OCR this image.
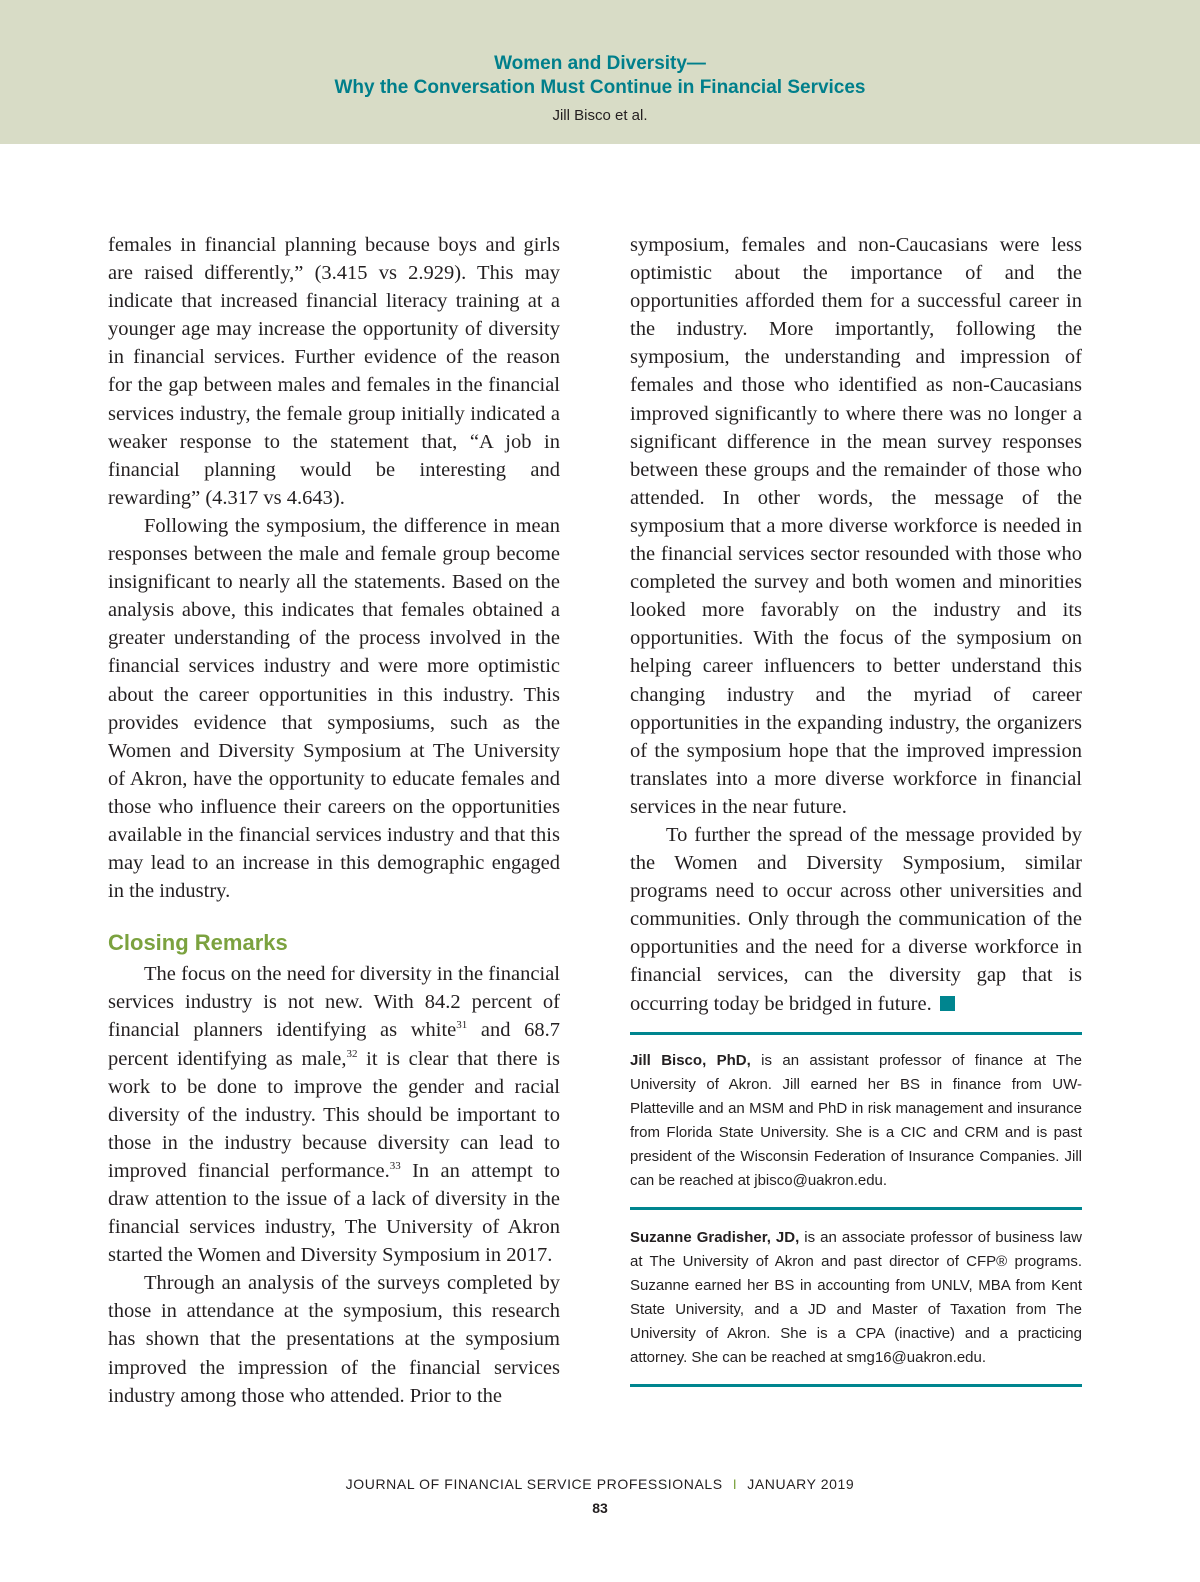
Women and Diversity—
Why the Conversation Must Continue in Financial Services
Jill Bisco et al.

females in financial planning because boys and girls are raised differently,” (3.415 vs 2.929). This may indicate that increased financial literacy training at a younger age may increase the opportunity of diversity in financial services. Further evidence of the reason for the gap between males and females in the financial services industry, the female group initially indicated a weaker response to the statement that, “A job in financial planning would be interesting and rewarding” (4.317 vs 4.643).

Following the symposium, the difference in mean responses between the male and female group become insignificant to nearly all the statements. Based on the analysis above, this indicates that females obtained a greater understanding of the process involved in the financial services industry and were more optimistic about the career opportunities in this industry. This provides evidence that symposiums, such as the Women and Diversity Symposium at The University of Akron, have the opportunity to educate females and those who influence their careers on the opportunities available in the financial services industry and that this may lead to an increase in this demographic engaged in the industry.

Closing Remarks

The focus on the need for diversity in the financial services industry is not new. With 84.2 percent of financial planners identifying as white$^{31}$ and 68.7 percent identifying as male,$^{32}$ it is clear that there is work to be done to improve the gender and racial diversity of the industry. This should be important to those in the industry because diversity can lead to improved financial performance.$^{33}$ In an attempt to draw attention to the issue of a lack of diversity in the financial services industry, The University of Akron started the Women and Diversity Symposium in 2017.

Through an analysis of the surveys completed by those in attendance at the symposium, this research has shown that the presentations at the symposium improved the impression of the financial services industry among those who attended. Prior to the

symposium, females and non-Caucasians were less optimistic about the importance of and the opportunities afforded them for a successful career in the industry. More importantly, following the symposium, the understanding and impression of females and those who identified as non-Caucasians improved significantly to where there was no longer a significant difference in the mean survey responses between these groups and the remainder of those who attended. In other words, the message of the symposium that a more diverse workforce is needed in the financial services sector resounded with those who completed the survey and both women and minorities looked more favorably on the industry and its opportunities. With the focus of the symposium on helping career influencers to better understand this changing industry and the myriad of career opportunities in the expanding industry, the organizers of the symposium hope that the improved impression translates into a more diverse workforce in financial services in the near future.

To further the spread of the message provided by the Women and Diversity Symposium, similar programs need to occur across other universities and communities. Only through the communication of the opportunities and the need for a diverse workforce in financial services, can the diversity gap that is occurring today be bridged in future.

Jill Bisco, PhD, is an assistant professor of finance at The University of Akron. Jill earned her BS in finance from UW-Platteville and an MSM and PhD in risk management and insurance from Florida State University. She is a CIC and CRM and is past president of the Wisconsin Federation of Insurance Companies. Jill can be reached at jbisco@uakron.edu.

Suzanne Gradisher, JD, is an associate professor of business law at The University of Akron and past director of CFP® programs. Suzanne earned her BS in accounting from UNLV, MBA from Kent State University, and a JD and Master of Taxation from The University of Akron. She is a CPA (inactive) and a practicing attorney. She can be reached at smg16@uakron.edu.

JOURNAL OF FINANCIAL SERVICE PROFESSIONALS I JANUARY 2019
83
